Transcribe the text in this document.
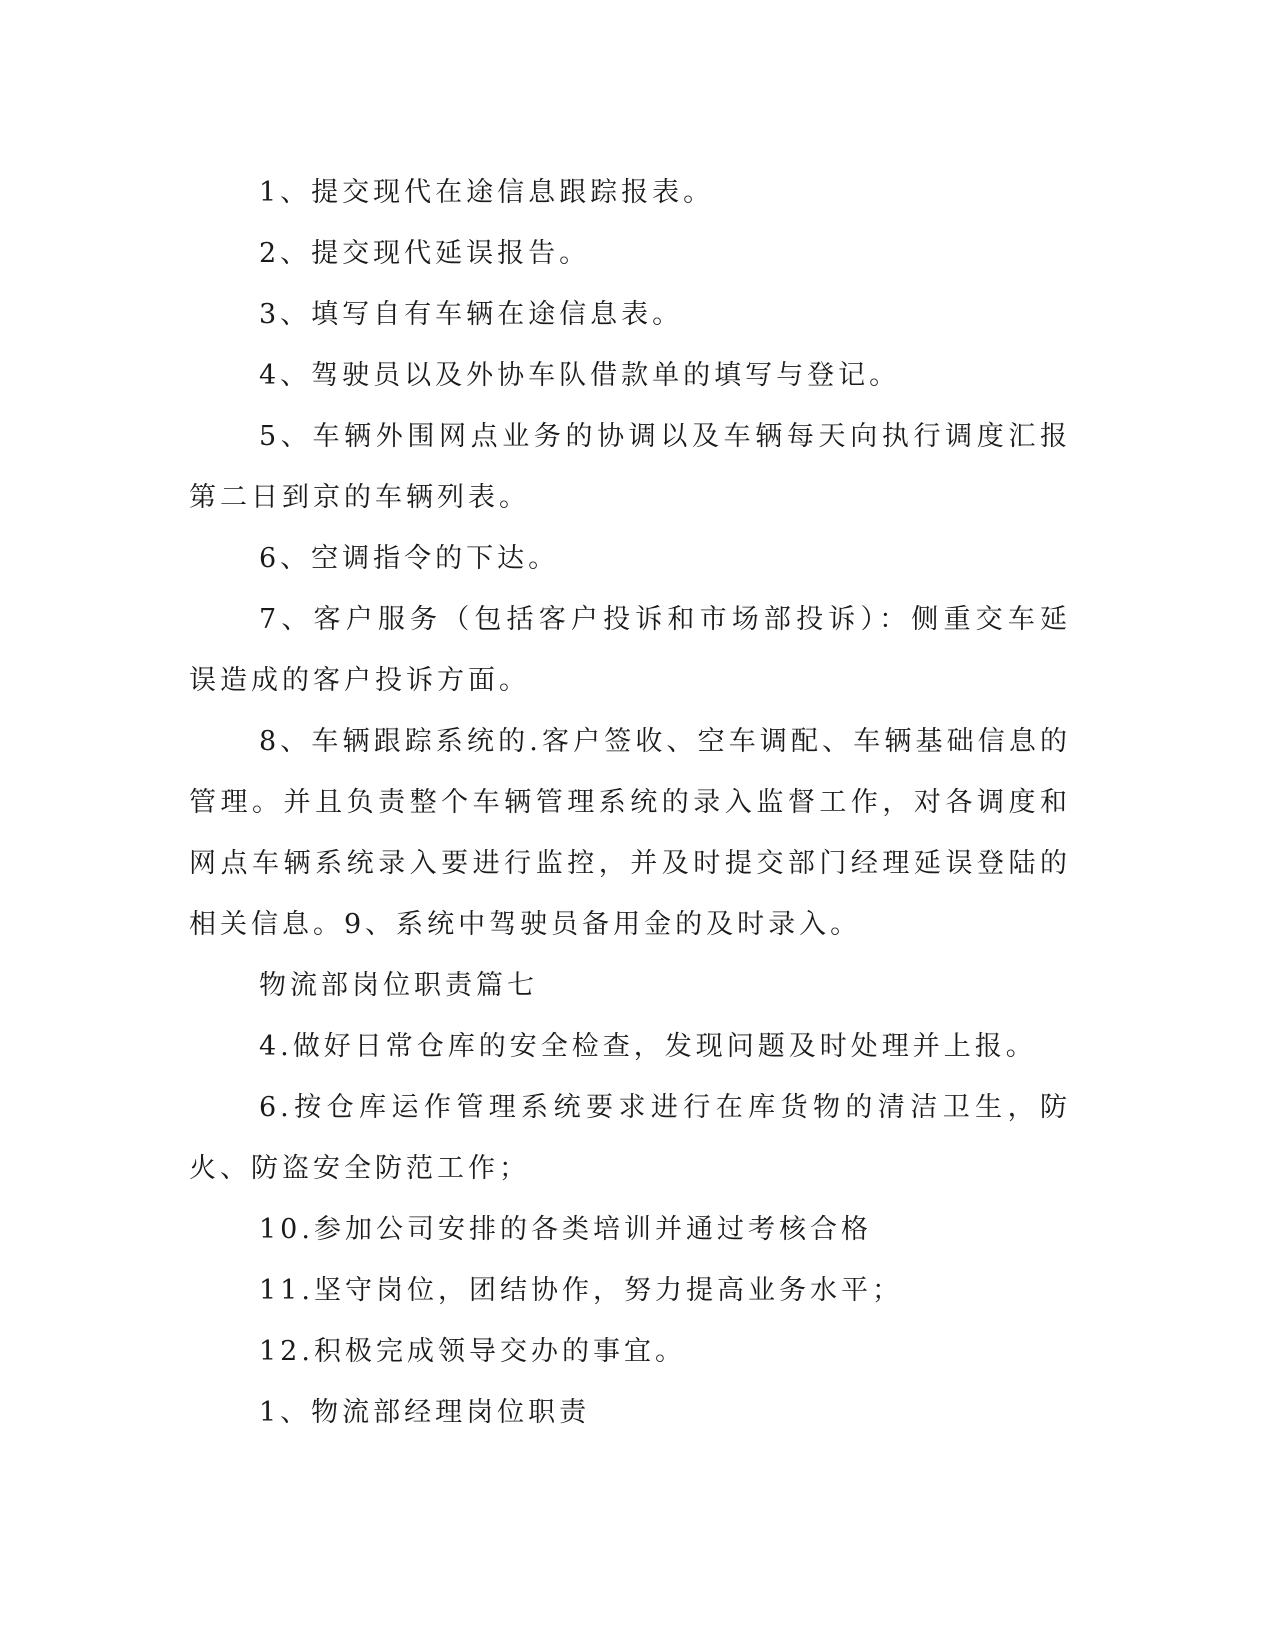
1、提交现代在途信息跟踪报表。

2、提交现代延误报告。

3、填写自有车辆在途信息表。

4、驾驶员以及外协车队借款单的填写与登记。

5、车辆外围网点业务的协调以及车辆每天向执行调度汇报第二日到京的车辆列表。

6、空调指令的下达。

7、客户服务（包括客户投诉和市场部投诉）：侧重交车延误造成的客户投诉方面。

8、车辆跟踪系统的.客户签收、空车调配、车辆基础信息的管理。并且负责整个车辆管理系统的录入监督工作，对各调度和网点车辆系统录入要进行监控，并及时提交部门经理延误登陆的相关信息。9、系统中驾驶员备用金的及时录入。

物流部岗位职责篇七

4.做好日常仓库的安全检查，发现问题及时处理并上报。

6.按仓库运作管理系统要求进行在库货物的清洁卫生，防火、防盗安全防范工作；

10.参加公司安排的各类培训并通过考核合格

11.坚守岗位，团结协作，努力提高业务水平；

12.积极完成领导交办的事宜。

1、物流部经理岗位职责
